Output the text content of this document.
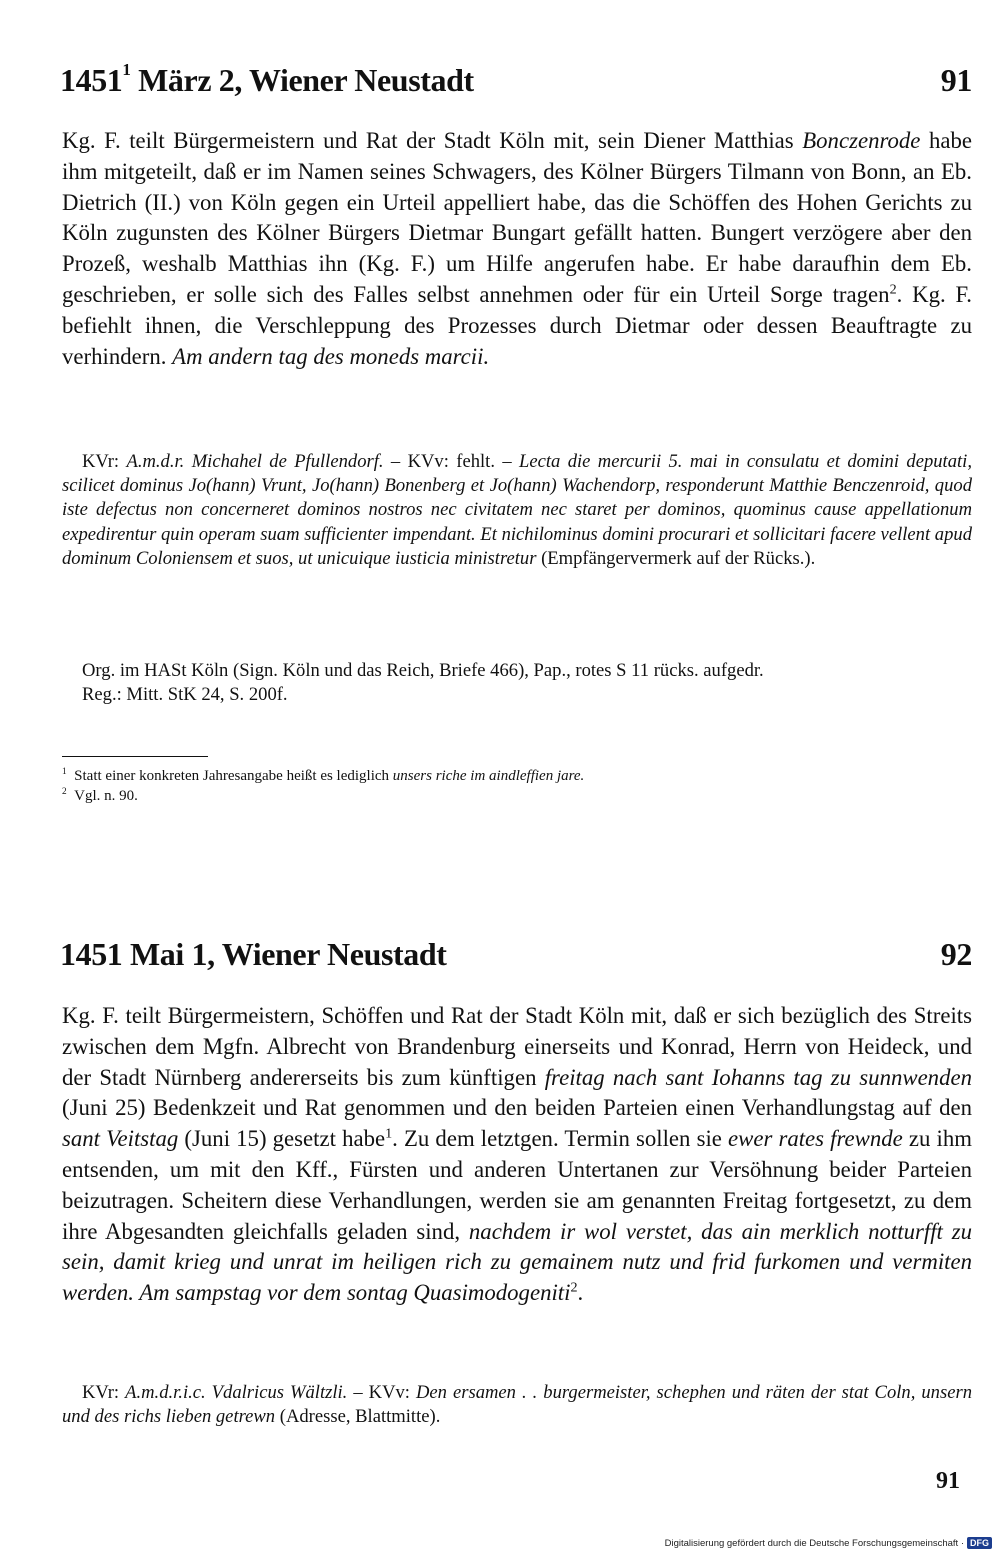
1451$^1$ März 2, Wiener Neustadt	91

Kg. F. teilt Bürgermeistern und Rat der Stadt Köln mit, sein Diener Matthias Bonczenrode habe ihm mitgeteilt, daß er im Namen seines Schwagers, des Kölner Bürgers Tilmann von Bonn, an Eb. Dietrich (II.) von Köln gegen ein Urteil appelliert habe, das die Schöffen des Hohen Gerichts zu Köln zugunsten des Kölner Bürgers Dietmar Bungart gefällt hatten. Bungert verzögere aber den Prozeß, weshalb Matthias ihn (Kg. F.) um Hilfe angerufen habe. Er habe daraufhin dem Eb. geschrieben, er solle sich des Falles selbst annehmen oder für ein Urteil Sorge tragen$^2$. Kg. F. befiehlt ihnen, die Verschleppung des Prozesses durch Dietmar oder dessen Beauftragte zu verhindern. Am andern tag des moneds marcii.

KVr: A.m.d.r. Michahel de Pfullendorf. – KVv: fehlt. – Lecta die mercurii 5. mai in consulatu et domini deputati, scilicet dominus Jo(hann) Vrunt, Jo(hann) Bonenberg et Jo(hann) Wachendorp, responderunt Matthie Benczenroid, quod iste defectus non concerneret dominos nostros nec civitatem nec staret per dominos, quominus cause appellationum expedirentur quin operam suam sufficienter impendant. Et nichilominus domini procurari et sollicitari facere vellent apud dominum Coloniensem et suos, ut unicuique iusticia ministretur (Empfängervermerk auf der Rücks.).

Org. im HASt Köln (Sign. Köln und das Reich, Briefe 466), Pap., rotes S 11 rücks. aufgedr.

Reg.: Mitt. StK 24, S. 200f.

$^1$ Statt einer konkreten Jahresangabe heißt es lediglich unsers riche im aindleffien jare.
$^2$ Vgl. n. 90.
1451 Mai 1, Wiener Neustadt	92

Kg. F. teilt Bürgermeistern, Schöffen und Rat der Stadt Köln mit, daß er sich bezüglich des Streits zwischen dem Mgfn. Albrecht von Brandenburg einerseits und Konrad, Herrn von Heideck, und der Stadt Nürnberg andererseits bis zum künftigen freitag nach sant Iohanns tag zu sunnwenden (Juni 25) Bedenkzeit und Rat genommen und den beiden Parteien einen Verhandlungstag auf den sant Veitstag (Juni 15) gesetzt habe$^1$. Zu dem letztgen. Termin sollen sie ewer rates frewnde zu ihm entsenden, um mit den Kff., Fürsten und anderen Untertanen zur Versöhnung beider Parteien beizutragen. Scheitern diese Verhandlungen, werden sie am genannten Freitag fortgesetzt, zu dem ihre Abgesandten gleichfalls geladen sind, nachdem ir wol verstet, das ain merklich notturfft zu sein, damit krieg und unrat im heiligen rich zu gemainem nutz und frid furkomen und vermiten werden. Am sampstag vor dem sontag Quasimodogeniti$^2$.

KVr: A.m.d.r.i.c. Vdalricus Wältzli. – KVv: Den ersamen . . burgermeister, schephen und räten der stat Coln, unsern und des richs lieben getrewn (Adresse, Blattmitte).

91
Digitalisierung gefördert durch die Deutsche Forschungsgemeinschaft · DFG
